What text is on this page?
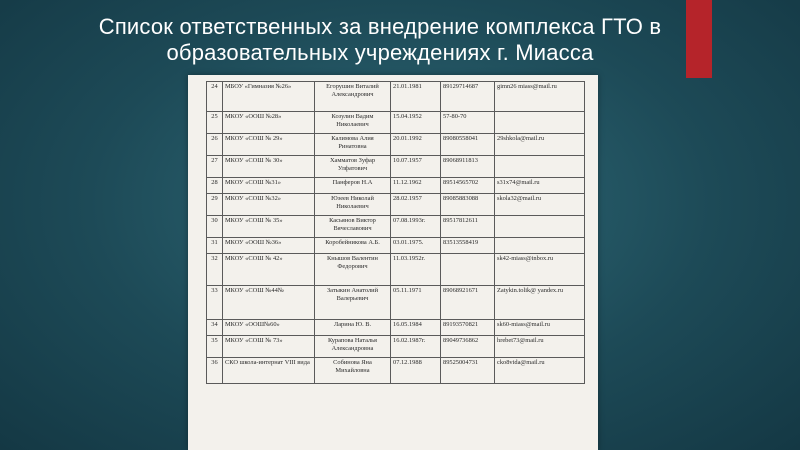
Список ответственных за внедрение комплекса ГТО в
образовательных учреждениях г. Миасса
24	МБОУ «Гимназия №26»	Егорушин Виталий Александрович	21.01.1981	89129714687	gimn26 miass@mail.ru
25	МКОУ «ООШ №28»	Козулин Вадим Николаевич	15.04.1952	57-80-70	
26	МКОУ «СОШ № 29»	Калимова Алия Ринатовна	20.01.1992	89080558041	29shkola@mail.ru
27	МКОУ «СОШ № 30»	Хамматов Зуфар Улфатович	10.07.1957	89068911813	
28	МКОУ «СОШ №31»	Панферов Н.А	11.12.1962	89514565702	s31x74@mail.ru
29	МКОУ «СОШ №32»	Юзеев Николай Николаевич	28.02.1957	89085883088	skola32@mail.ru
30	МКОУ «СОШ № 35»	Касьянов Виктор Вячеславович	07.08.1993г.	89517812611	
31	МКОУ «ООШ №36»	Коробейникова А.Б.	03.01.1975.	83513558419	
32	МКОУ «СОШ № 42»	Кнышов Валентин Федорович	11.03.1952г.		sk42-miass@inbox.ru
33	МКОУ «СОШ №44№	Затыкин Анатолий Валерьевич	05.11.1971	89068921671	Zatykin.tolik@ yandex.ru
34	МКОУ «ООШ№60»	Ларина Ю. В.	16.05.1984	89193570821	sk60-miass@mail.ru
35	МКОУ «СОШ № 73»	Курапова Наталья Александровна	16.02.1987г.	89049736862	hrebet73@mail.ru
36	СКО школа-интернат VIII вида	Собинова Яна Михайловна	07.12.1988	89525004731	cko8vida@mail.ru
